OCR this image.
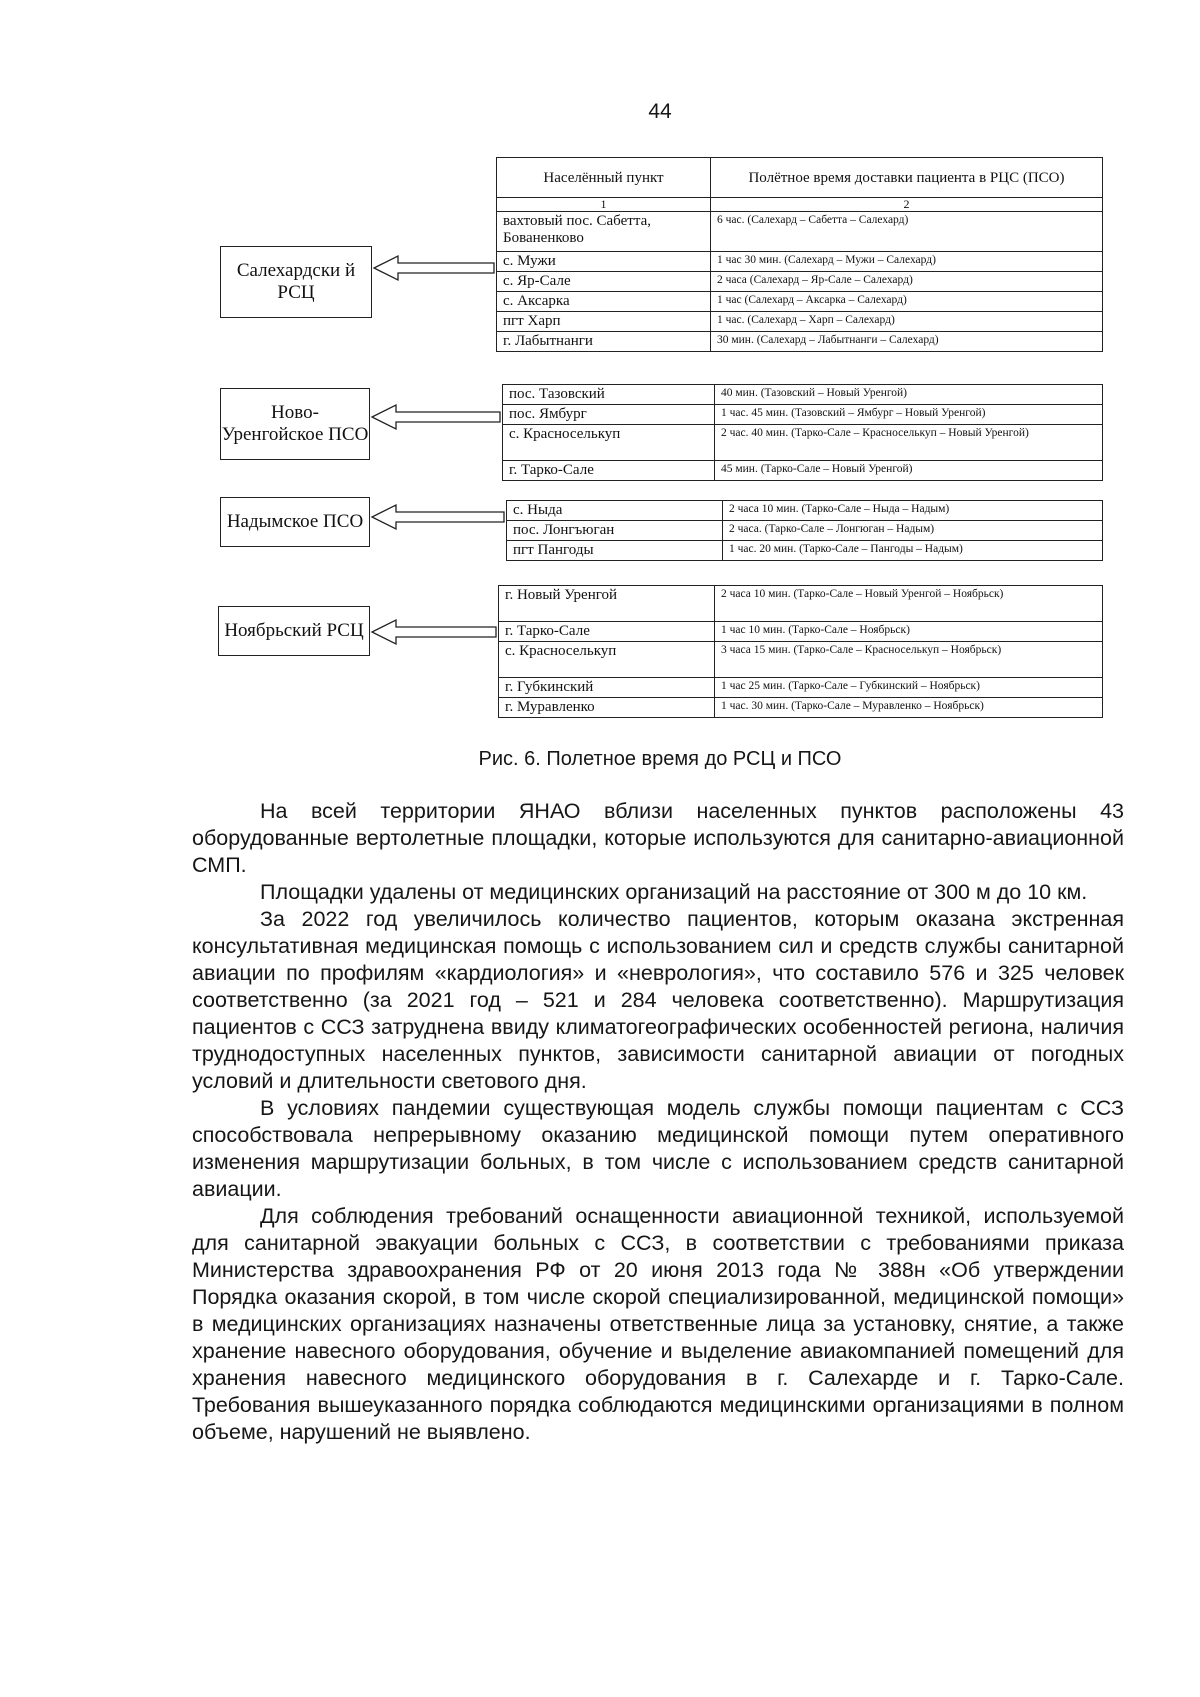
44
Салехардски й РСЦ
Населённый пункт	Полётное время доставки пациента в РЦС (ПСО)
1	2
вахтовый пос. Сабетта, Бованенково	6 час. (Салехард – Сабетта – Салехард)
с. Мужи	1 час 30 мин. (Салехард – Мужи – Салехард)
с. Яр-Сале	2 часа (Салехард – Яр-Сале – Салехард)
с. Аксарка	1 час (Салехард – Аксарка – Салехард)
пгт Харп	1 час. (Салехард – Харп – Салехард)
г. Лабытнанги	30 мин. (Салехард – Лабытнанги – Салехард)
Ново-Уренгойское ПСО
пос. Тазовский	40 мин. (Тазовский – Новый Уренгой)
пос. Ямбург	1 час. 45 мин. (Тазовский – Ямбург – Новый Уренгой)
с. Красноселькуп	2 час. 40 мин. (Тарко-Сале – Красноселькуп – Новый Уренгой)
г. Тарко-Сале	45 мин. (Тарко-Сале – Новый Уренгой)
Надымское ПСО
с. Ныда	2 часа 10 мин. (Тарко-Сале – Ныда – Надым)
пос. Лонгъюган	2 часа. (Тарко-Сале – Лонгюган – Надым)
пгт Пангоды	1 час. 20 мин. (Тарко-Сале – Пангоды – Надым)
Ноябрьский РСЦ
г. Новый Уренгой	2 часа 10 мин. (Тарко-Сале – Новый Уренгой – Ноябрьск)
г. Тарко-Сале	1 час 10 мин. (Тарко-Сале – Ноябрьск)
с. Красноселькуп	3 часа 15 мин. (Тарко-Сале – Красноселькуп – Ноябрьск)
г. Губкинский	1 час 25 мин. (Тарко-Сале – Губкинский – Ноябрьск)
г. Муравленко	1 час. 30 мин. (Тарко-Сале – Муравленко – Ноябрьск)
Рис. 6. Полетное время до РСЦ и ПСО

На всей территории ЯНАО вблизи населенных пунктов расположены 43 оборудованные вертолетные площадки, которые используются для санитарно-авиационной СМП.

Площадки удалены от медицинских организаций на расстояние от 300 м до 10 км.

За 2022 год увеличилось количество пациентов, которым оказана экстренная консультативная медицинская помощь с использованием сил и средств службы санитарной авиации по профилям «кардиология» и «неврология», что составило 576 и 325 человек соответственно (за 2021 год – 521 и 284 человека соответственно). Маршрутизация пациентов с ССЗ затруднена ввиду климатогеографических особенностей региона, наличия труднодоступных населенных пунктов, зависимости санитарной авиации от погодных условий и длительности светового дня.

В условиях пандемии существующая модель службы помощи пациентам с ССЗ способствовала непрерывному оказанию медицинской помощи путем оперативного изменения маршрутизации больных, в том числе с использованием средств санитарной авиации.

Для соблюдения требований оснащенности авиационной техникой, используемой для санитарной эвакуации больных с ССЗ, в соответствии с требованиями приказа Министерства здравоохранения РФ от 20 июня 2013 года № 388н «Об утверждении Порядка оказания скорой, в том числе скорой специализированной, медицинской помощи» в медицинских организациях назначены ответственные лица за установку, снятие, а также хранение навесного оборудования, обучение и выделение авиакомпанией помещений для хранения навесного медицинского оборудования в г. Салехарде и г. Тарко-Сале. Требования вышеуказанного порядка соблюдаются медицинскими организациями в полном объеме, нарушений не выявлено.
